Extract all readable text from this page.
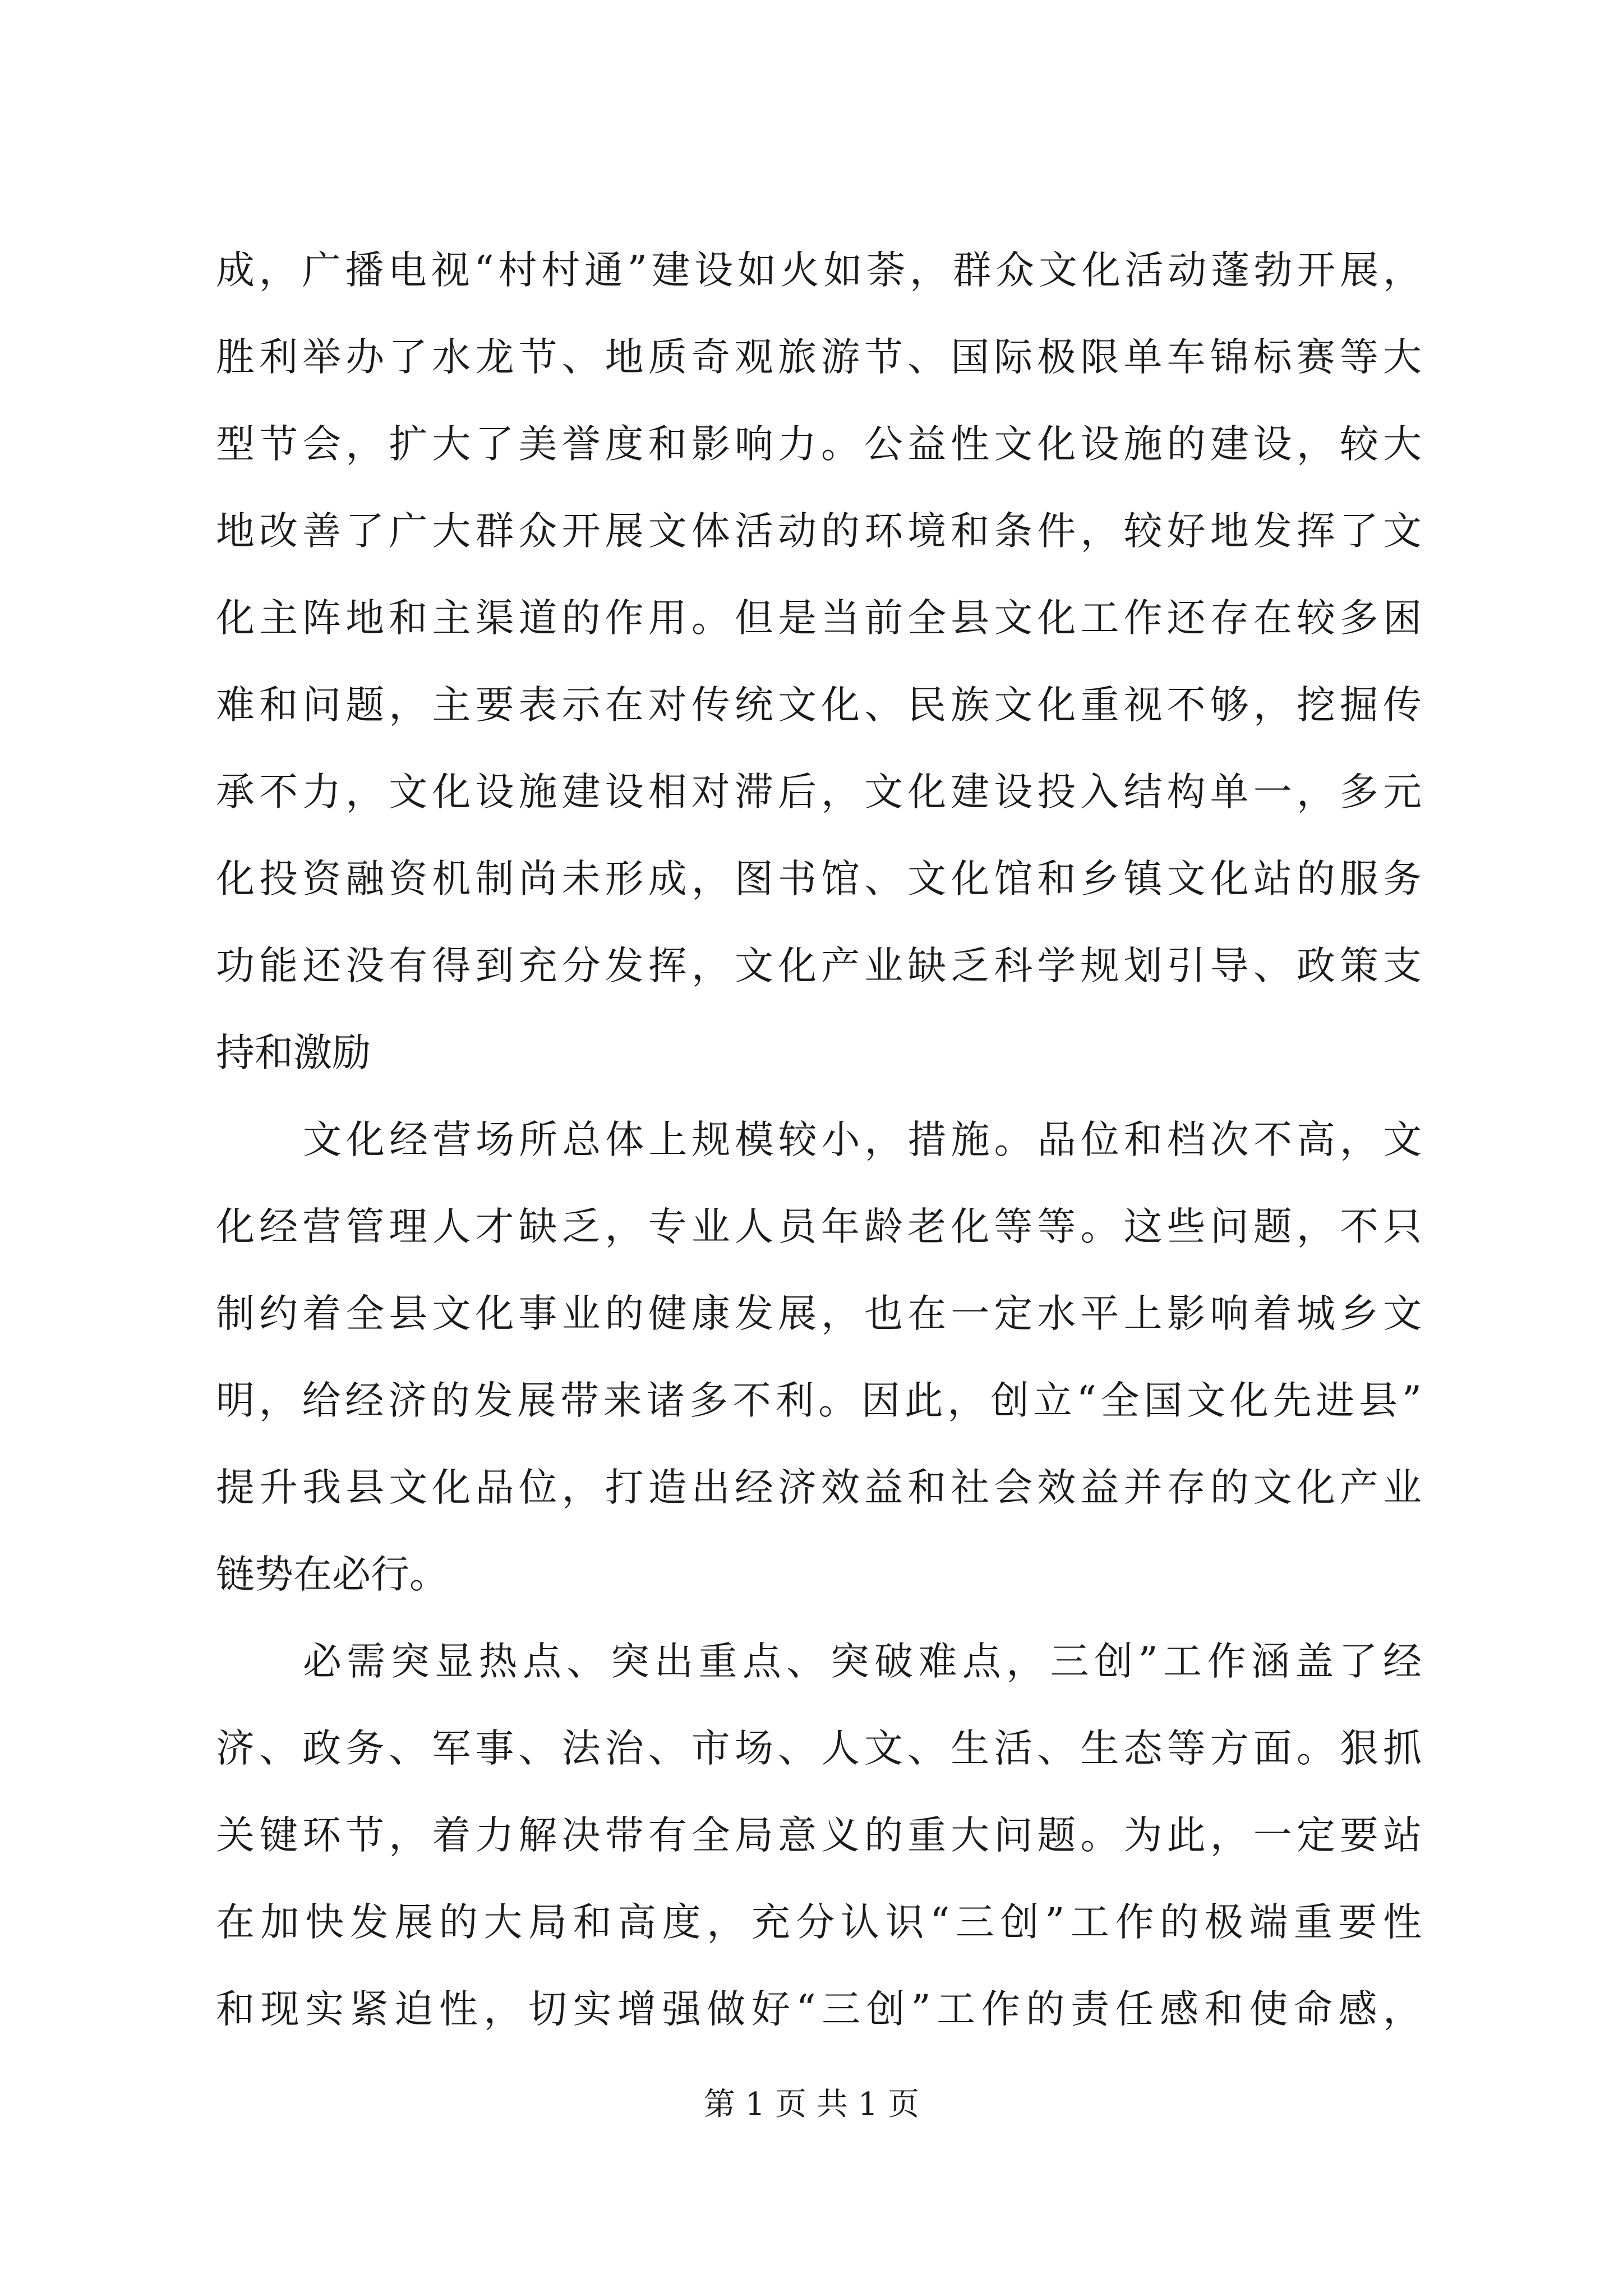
成，广播电视“村村通”建设如火如荼，群众文化活动蓬勃开展，
胜利举办了水龙节、地质奇观旅游节、国际极限单车锦标赛等大
型节会，扩大了美誉度和影响力。公益性文化设施的建设，较大
地改善了广大群众开展文体活动的环境和条件，较好地发挥了文
化主阵地和主渠道的作用。但是当前全县文化工作还存在较多困
难和问题，主要表示在对传统文化、民族文化重视不够，挖掘传
承不力，文化设施建设相对滞后，文化建设投入结构单一，多元
化投资融资机制尚未形成，图书馆、文化馆和乡镇文化站的服务
功能还没有得到充分发挥，文化产业缺乏科学规划引导、政策支
持和激励
文化经营场所总体上规模较小，措施。品位和档次不高，文
化经营管理人才缺乏，专业人员年龄老化等等。这些问题，不只
制约着全县文化事业的健康发展，也在一定水平上影响着城乡文
明，给经济的发展带来诸多不利。因此，创立“全国文化先进县”
提升我县文化品位，打造出经济效益和社会效益并存的文化产业
链势在必行。
必需突显热点、突出重点、突破难点，三创”工作涵盖了经
济、政务、军事、法治、市场、人文、生活、生态等方面。狠抓
关键环节，着力解决带有全局意义的重大问题。为此，一定要站
在加快发展的大局和高度，充分认识“三创”工作的极端重要性
和现实紧迫性，切实增强做好“三创”工作的责任感和使命感，
第 1 页 共 1 页
